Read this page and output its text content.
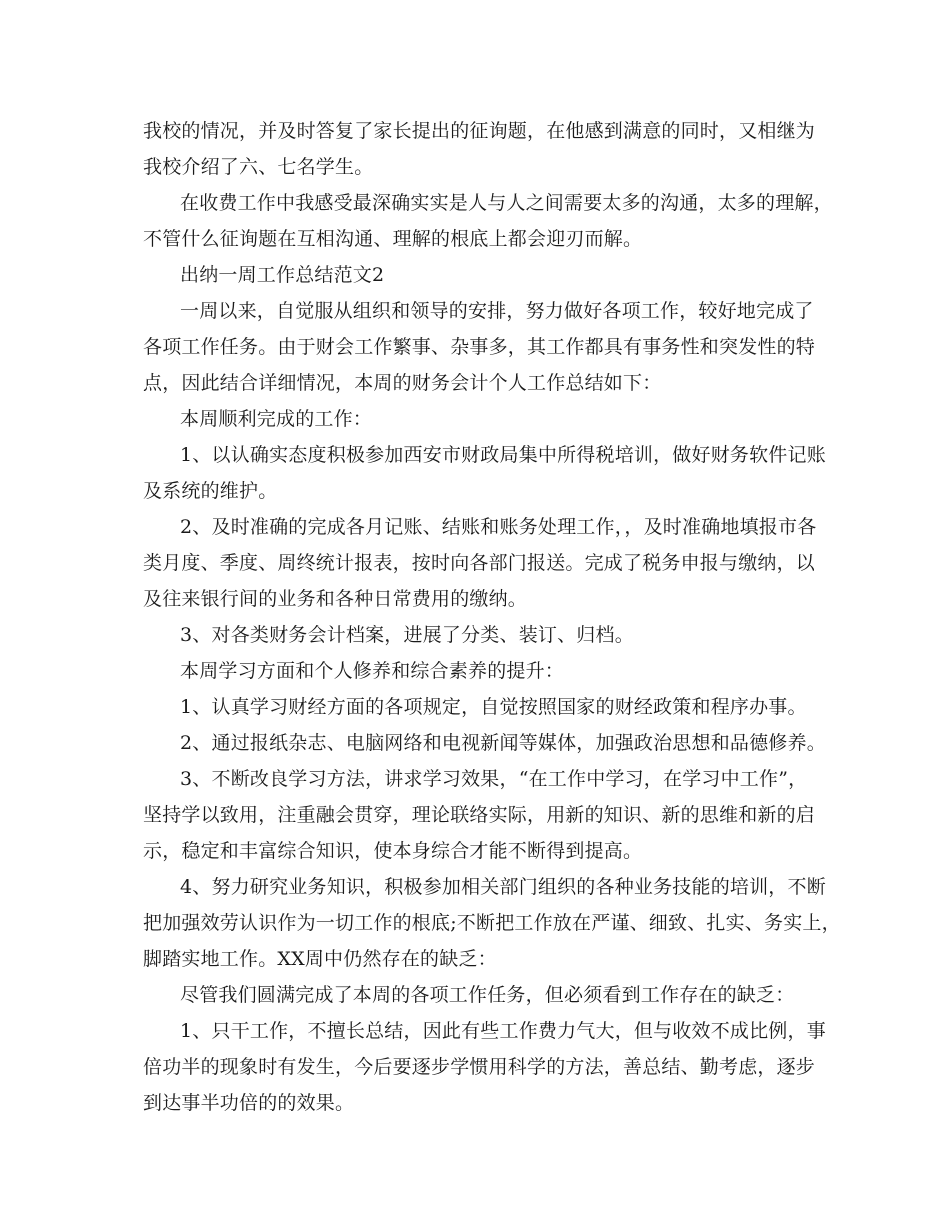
我校的情况，并及时答复了家长提出的征询题，在他感到满意的同时，又相继为
我校介绍了六、七名学生。
在收费工作中我感受最深确实实是人与人之间需要太多的沟通，太多的理解，
不管什么征询题在互相沟通、理解的根底上都会迎刃而解。
出纳一周工作总结范文2
一周以来，自觉服从组织和领导的安排，努力做好各项工作，较好地完成了
各项工作任务。由于财会工作繁事、杂事多，其工作都具有事务性和突发性的特
点，因此结合详细情况，本周的财务会计个人工作总结如下：
本周顺利完成的工作：
1、以认确实态度积极参加西安市财政局集中所得税培训，做好财务软件记账
及系统的维护。
2、及时准确的完成各月记账、结账和账务处理工作，，及时准确地填报市各
类月度、季度、周终统计报表，按时向各部门报送。完成了税务申报与缴纳，以
及往来银行间的业务和各种日常费用的缴纳。
3、对各类财务会计档案，进展了分类、装订、归档。
本周学习方面和个人修养和综合素养的提升：
1、认真学习财经方面的各项规定，自觉按照国家的财经政策和程序办事。
2、通过报纸杂志、电脑网络和电视新闻等媒体，加强政治思想和品德修养。
3、不断改良学习方法，讲求学习效果，“在工作中学习，在学习中工作”，
坚持学以致用，注重融会贯穿，理论联络实际，用新的知识、新的思维和新的启
示，稳定和丰富综合知识，使本身综合才能不断得到提高。
4、努力研究业务知识，积极参加相关部门组织的各种业务技能的培训，不断
把加强效劳认识作为一切工作的根底;不断把工作放在严谨、细致、扎实、务实上，
脚踏实地工作。XX周中仍然存在的缺乏：
尽管我们圆满完成了本周的各项工作任务，但必须看到工作存在的缺乏：
1、只干工作，不擅长总结，因此有些工作费力气大，但与收效不成比例，事
倍功半的现象时有发生，今后要逐步学惯用科学的方法，善总结、勤考虑，逐步
到达事半功倍的的效果。
